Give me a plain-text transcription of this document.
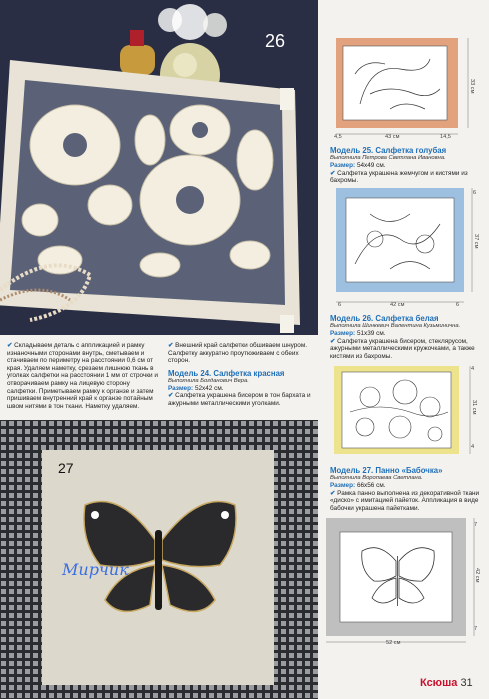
26
✔ Складываем деталь с аппликацией и рамку изнаночными сторонами внутрь, сметываем и стачиваем по периметру на расстоянии 0,6 см от края. Удаляем наметку, срезаем лишнюю ткань в уголках салфетки на расстоянии 1 мм от строчки и отворачиваем рамку на лицевую сторону салфетки. Приметываем рамку к органзе и затем пришиваем внутренний край к органзе потайным швом нитями в тон ткани. Наметку удаляем.
✔ Внешний край салфетки обшиваем шнуром. Салфетку аккуратно проутюживаем с обеих сторон.
Модель 24. Салфетка красная
Выполнила Богданович Вера.
Размер: 52х42 см.
✔ Салфетка украшена бисером в тон бархата и ажурными металлическими уголками.
27
Мирчик
4,5	43 см	14,5
33 см
Модель 25. Салфетка голубая
Выполнила Петрова Светлана Ивановна.
Размер: 54х49 см.
✔ Салфетка украшена жемчугом и кистями из бахромы.
6	42 см	6
37 см
6
Модель 26. Салфетка белая
Выполнила Шинкевич Валентина Кузьминична.
Размер: 51х39 см.
✔ Салфетка украшена бисером, стеклярусом, ажурными металлическими кружочками, а также кистями из бахромы.
31 см
4
4
Модель 27. Панно «Бабочка»
Выполнила Воропаева Светлана.
Размер: 66х56 см.
✔ Рамка панно выполнена из декоративной ткани «диско» с имитацией пайеток. Аппликация в виде бабочки украшена пайетками.
52 см
42 см
7
7
Ксюша 31
